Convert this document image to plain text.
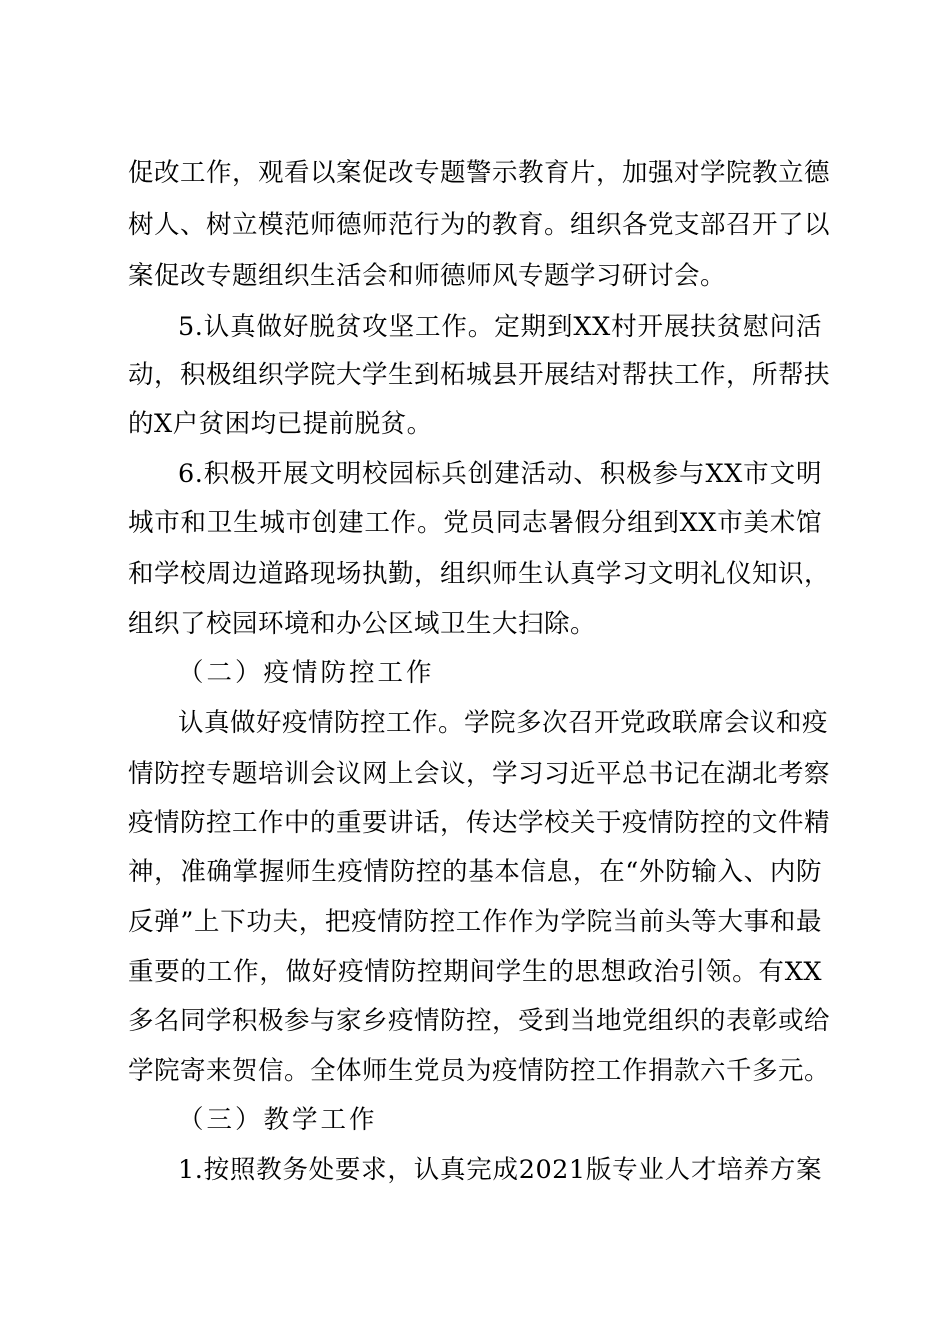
促改工作，观看以案促改专题警示教育片，加强对学院教立德
树人、树立模范师德师范行为的教育。组织各党支部召开了以
案促改专题组织生活会和师德师风专题学习研讨会。
5.认真做好脱贫攻坚工作。定期到XX村开展扶贫慰问活
动，积极组织学院大学生到柘城县开展结对帮扶工作，所帮扶
的X户贫困均已提前脱贫。
6.积极开展文明校园标兵创建活动、积极参与XX市文明
城市和卫生城市创建工作。党员同志暑假分组到XX市美术馆
和学校周边道路现场执勤，组织师生认真学习文明礼仪知识，
组织了校园环境和办公区域卫生大扫除。
（二）疫情防控工作
认真做好疫情防控工作。学院多次召开党政联席会议和疫
情防控专题培训会议网上会议，学习习近平总书记在湖北考察
疫情防控工作中的重要讲话，传达学校关于疫情防控的文件精
神，准确掌握师生疫情防控的基本信息，在“外防输入、内防
反弹”上下功夫，把疫情防控工作作为学院当前头等大事和最
重要的工作，做好疫情防控期间学生的思想政治引领。有XX
多名同学积极参与家乡疫情防控，受到当地党组织的表彰或给
学院寄来贺信。全体师生党员为疫情防控工作捐款六千多元。
（三）教学工作
1.按照教务处要求，认真完成2021版专业人才培养方案
